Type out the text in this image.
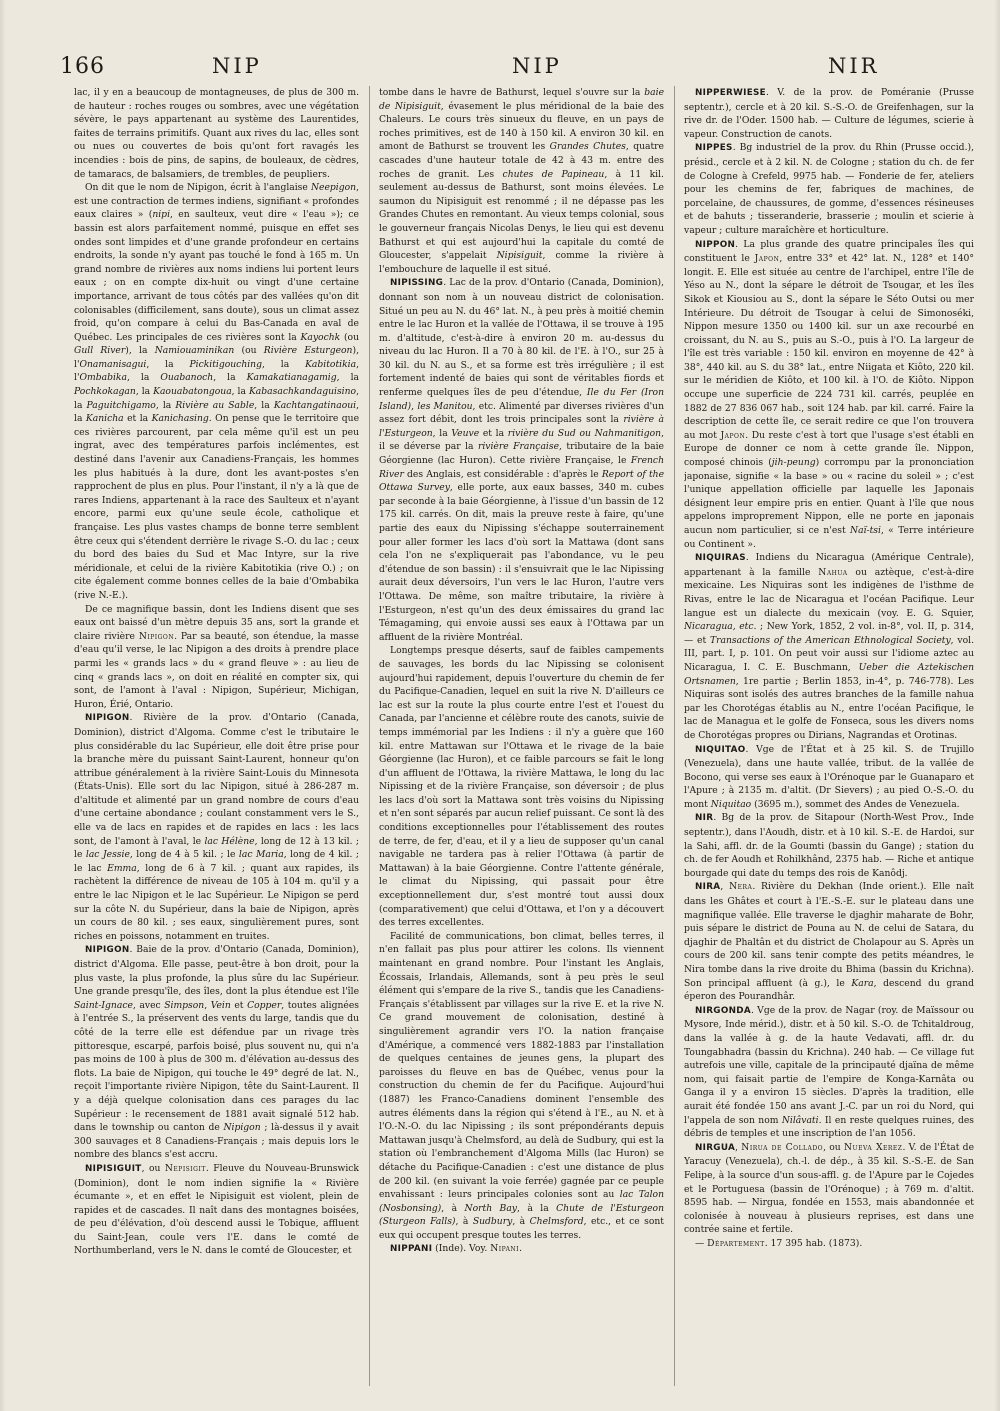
166	NIP	NIP	NIR

lac, il y en a beaucoup de montagneuses, de plus de 300 m. de hauteur : roches rouges ou sombres, avec une végétation sévère, le pays appartenant au système des Laurentides, faites de terrains primitifs. Quant aux rives du lac, elles sont ou nues ou couvertes de bois qu'ont fort ravagés les incendies : bois de pins, de sapins, de bouleaux, de cèdres, de tamaracs, de balsamiers, de trembles, de peupliers.

On dit que le nom de Nipigon, écrit à l'anglaise Neepigon, est une contraction de termes indiens, signifiant « profondes eaux claires » (nipi, en saulteux, veut dire « l'eau »); ce bassin est alors parfaitement nommé, puisque en effet ses ondes sont limpides et d'une grande profondeur en certains endroits, la sonde n'y ayant pas touché le fond à 165 m. Un grand nombre de rivières aux noms indiens lui portent leurs eaux ; on en compte dix-huit ou vingt d'une certaine importance, arrivant de tous côtés par des vallées qu'on dit colonisables (difficilement, sans doute), sous un climat assez froid, qu'on compare à celui du Bas-Canada en aval de Québec. Les principales de ces rivières sont la Kayochk (ou Gull River), la Namiouaminikan (ou Rivière Esturgeon), l'Onamanisagui, la Pickitigouching, la Kabitotikia, l'Ombabika, la Ouabanoch, la Kamakatianagamig, la Pochkokagan, la Kaouabatongoua, la Kabasachkandaguisino, la Paguitchigamo, la Rivière au Sable, la Kachtangatinaoui, la Kanicha et la Kanichasing. On pense que le territoire que ces rivières parcourent, par cela même qu'il est un peu ingrat, avec des températures parfois inclémentes, est destiné dans l'avenir aux Canadiens-Français, les hommes les plus habitués à la dure, dont les avant-postes s'en rapprochent de plus en plus. Pour l'instant, il n'y a là que de rares Indiens, appartenant à la race des Saulteux et n'ayant encore, parmi eux qu'une seule école, catholique et française. Les plus vastes champs de bonne terre semblent être ceux qui s'étendent derrière le rivage S.-O. du lac ; ceux du bord des baies du Sud et Mac Intyre, sur la rive méridionale, et celui de la rivière Kabitotikia (rive O.) ; on cite également comme bonnes celles de la baie d'Ombabika (rive N.-E.).

De ce magnifique bassin, dont les Indiens disent que ses eaux ont baissé d'un mètre depuis 35 ans, sort la grande et claire rivière Nipigon. Par sa beauté, son étendue, la masse d'eau qu'il verse, le lac Nipigon a des droits à prendre place parmi les « grands lacs » du « grand fleuve » : au lieu de cinq « grands lacs », on doit en réalité en compter six, qui sont, de l'amont à l'aval : Nipigon, Supérieur, Michigan, Huron, Érié, Ontario.

NIPIGON. Rivière de la prov. d'Ontario (Canada, Dominion), district d'Algoma. Comme c'est le tributaire le plus considérable du lac Supérieur, elle doit être prise pour la branche mère du puissant Saint-Laurent, honneur qu'on attribue généralement à la rivière Saint-Louis du Minnesota (États-Unis). Elle sort du lac Nipigon, situé à 286-287 m. d'altitude et alimenté par un grand nombre de cours d'eau d'une certaine abondance ; coulant constamment vers le S., elle va de lacs en rapides et de rapides en lacs : les lacs sont, de l'amont à l'aval, le lac Hélène, long de 12 à 13 kil. ; le lac Jessie, long de 4 à 5 kil. ; le lac Maria, long de 4 kil. ; le lac Emma, long de 6 à 7 kil. ; quant aux rapides, ils rachètent la différence de niveau de 105 à 104 m. qu'il y a entre le lac Nipigon et le lac Supérieur. Le Nipigon se perd sur la côte N. du Supérieur, dans la baie de Nipigon, après un cours de 80 kil. ; ses eaux, singulièrement pures, sont riches en poissons, notamment en truites.

NIPIGON. Baie de la prov. d'Ontario (Canada, Dominion), district d'Algoma. Elle passe, peut-être à bon droit, pour la plus vaste, la plus profonde, la plus sûre du lac Supérieur. Une grande presqu'île, des îles, dont la plus étendue est l'île Saint-Ignace, avec Simpson, Vein et Copper, toutes alignées à l'entrée S., la préservent des vents du large, tandis que du côté de la terre elle est défendue par un rivage très pittoresque, escarpé, parfois boisé, plus souvent nu, qui n'a pas moins de 100 à plus de 300 m. d'élévation au-dessus des flots. La baie de Nipigon, qui touche le 49° degré de lat. N., reçoit l'importante rivière Nipigon, tête du Saint-Laurent. Il y a déjà quelque colonisation dans ces parages du lac Supérieur : le recensement de 1881 avait signalé 512 hab. dans le township ou canton de Nipigon ; là-dessus il y avait 300 sauvages et 8 Canadiens-Français ; mais depuis lors le nombre des blancs s'est accru.

NIPISIGUIT, ou Nepisigit. Fleuve du Nouveau-Brunswick (Dominion), dont le nom indien signifie la « Rivière écumante », et en effet le Nipisiguit est violent, plein de rapides et de cascades. Il naît dans des montagnes boisées, de peu d'élévation, d'où descend aussi le Tobique, affluent du Saint-Jean, coule vers l'E. dans le comté de Northumberland, vers le N. dans le comté de Gloucester, et

tombe dans le havre de Bathurst, lequel s'ouvre sur la baie de Nipisiguit, évasement le plus méridional de la baie des Chaleurs. Le cours très sinueux du fleuve, en un pays de roches primitives, est de 140 à 150 kil. A environ 30 kil. en amont de Bathurst se trouvent les Grandes Chutes, quatre cascades d'une hauteur totale de 42 à 43 m. entre des roches de granit. Les chutes de Papineau, à 11 kil. seulement au-dessus de Bathurst, sont moins élevées. Le saumon du Nipisiguit est renommé ; il ne dépasse pas les Grandes Chutes en remontant. Au vieux temps colonial, sous le gouverneur français Nicolas Denys, le lieu qui est devenu Bathurst et qui est aujourd'hui la capitale du comté de Gloucester, s'appelait Nipisiguit, comme la rivière à l'embouchure de laquelle il est situé.

NIPISSING. Lac de la prov. d'Ontario (Canada, Dominion), donnant son nom à un nouveau district de colonisation. Situé un peu au N. du 46° lat. N., à peu près à moitié chemin entre le lac Huron et la vallée de l'Ottawa, il se trouve à 195 m. d'altitude, c'est-à-dire à environ 20 m. au-dessus du niveau du lac Huron. Il a 70 à 80 kil. de l'E. à l'O., sur 25 à 30 kil. du N. au S., et sa forme est très irrégulière ; il est fortement indenté de baies qui sont de véritables fiords et renferme quelques îles de peu d'étendue, Ile du Fer (Iron Island), les Manitou, etc. Alimenté par diverses rivières d'un assez fort débit, dont les trois principales sont la rivière à l'Esturgeon, la Veuve et la rivière du Sud ou Nahmanitigon, il se déverse par la rivière Française, tributaire de la baie Géorgienne (lac Huron). Cette rivière Française, le French River des Anglais, est considérable : d'après le Report of the Ottawa Survey, elle porte, aux eaux basses, 340 m. cubes par seconde à la baie Géorgienne, à l'issue d'un bassin de 12 175 kil. carrés. On dit, mais la preuve reste à faire, qu'une partie des eaux du Nipissing s'échappe souterrainement pour aller former les lacs d'où sort la Mattawa (dont sans cela l'on ne s'expliquerait pas l'abondance, vu le peu d'étendue de son bassin) : il s'ensuivrait que le lac Nipissing aurait deux déversoirs, l'un vers le lac Huron, l'autre vers l'Ottawa. De même, son maître tributaire, la rivière à l'Esturgeon, n'est qu'un des deux émissaires du grand lac Témagaming, qui envoie aussi ses eaux à l'Ottawa par un affluent de la rivière Montréal.

Longtemps presque déserts, sauf de faibles campements de sauvages, les bords du lac Nipissing se colonisent aujourd'hui rapidement, depuis l'ouverture du chemin de fer du Pacifique-Canadien, lequel en suit la rive N. D'ailleurs ce lac est sur la route la plus courte entre l'est et l'ouest du Canada, par l'ancienne et célèbre route des canots, suivie de temps immémorial par les Indiens : il n'y a guère que 160 kil. entre Mattawan sur l'Ottawa et le rivage de la baie Géorgienne (lac Huron), et ce faible parcours se fait le long d'un affluent de l'Ottawa, la rivière Mattawa, le long du lac Nipissing et de la rivière Française, son déversoir ; de plus les lacs d'où sort la Mattawa sont très voisins du Nipissing et n'en sont séparés par aucun relief puissant. Ce sont là des conditions exceptionnelles pour l'établissement des routes de terre, de fer, d'eau, et il y a lieu de supposer qu'un canal navigable ne tardera pas à relier l'Ottawa (à partir de Mattawan) à la baie Géorgienne. Contre l'attente générale, le climat du Nipissing, qui passait pour être exceptionnellement dur, s'est montré tout aussi doux (comparativement) que celui d'Ottawa, et l'on y a découvert des terres excellentes.

Facilité de communications, bon climat, belles terres, il n'en fallait pas plus pour attirer les colons. Ils viennent maintenant en grand nombre. Pour l'instant les Anglais, Écossais, Irlandais, Allemands, sont à peu près le seul élément qui s'empare de la rive S., tandis que les Canadiens-Français s'établissent par villages sur la rive E. et la rive N. Ce grand mouvement de colonisation, destiné à singulièrement agrandir vers l'O. la nation française d'Amérique, a commencé vers 1882-1883 par l'installation de quelques centaines de jeunes gens, la plupart des paroisses du fleuve en bas de Québec, venus pour la construction du chemin de fer du Pacifique. Aujourd'hui (1887) les Franco-Canadiens dominent l'ensemble des autres éléments dans la région qui s'étend à l'E., au N. et à l'O.-N.-O. du lac Nipissing ; ils sont prépondérants depuis Mattawan jusqu'à Chelmsford, au delà de Sudbury, qui est la station où l'embranchement d'Algoma Mills (lac Huron) se détache du Pacifique-Canadien : c'est une distance de plus de 200 kil. (en suivant la voie ferrée) gagnée par ce peuple envahissant : leurs principales colonies sont au lac Talon (Nosbonsing), à North Bay, à la Chute de l'Esturgeon (Sturgeon Falls), à Sudbury, à Chelmsford, etc., et ce sont eux qui occupent presque toutes les terres.

NIPPANI (Inde). Voy. Nipani.

NIPPERWIESE. V. de la prov. de Poméranie (Prusse septentr.), cercle et à 20 kil. S.-S.-O. de Greifenhagen, sur la rive dr. de l'Oder. 1500 hab. — Culture de légumes, scierie à vapeur. Construction de canots.

NIPPES. Bg industriel de la prov. du Rhin (Prusse occid.), présid., cercle et à 2 kil. N. de Cologne ; station du ch. de fer de Cologne à Crefeld, 9975 hab. — Fonderie de fer, ateliers pour les chemins de fer, fabriques de machines, de porcelaine, de chaussures, de gomme, d'essences résineuses et de bahuts ; tisseranderie, brasserie ; moulin et scierie à vapeur ; culture maraîchère et horticulture.

NIPPON. La plus grande des quatre principales îles qui constituent le Japon, entre 33° et 42° lat. N., 128° et 140° longit. E. Elle est située au centre de l'archipel, entre l'île de Yéso au N., dont la sépare le détroit de Tsougar, et les îles Sikok et Kiousiou au S., dont la sépare le Séto Outsi ou mer Intérieure. Du détroit de Tsougar à celui de Simonoséki, Nippon mesure 1350 ou 1400 kil. sur un axe recourbé en croissant, du N. au S., puis au S.-O., puis à l'O. La largeur de l'île est très variable : 150 kil. environ en moyenne de 42° à 38°, 440 kil. au S. du 38° lat., entre Niigata et Kiôto, 220 kil. sur le méridien de Kiôto, et 100 kil. à l'O. de Kiôto. Nippon occupe une superficie de 224 731 kil. carrés, peuplée en 1882 de 27 836 067 hab., soit 124 hab. par kil. carré. Faire la description de cette île, ce serait redire ce que l'on trouvera au mot Japon. Du reste c'est à tort que l'usage s'est établi en Europe de donner ce nom à cette grande île. Nippon, composé chinois (jih-peung) corrompu par la prononciation japonaise, signifie « la base » ou « racine du soleil » ; c'est l'unique appellation officielle par laquelle les Japonais désignent leur empire pris en entier. Quant à l'île que nous appelons improprement Nippon, elle ne porte en japonais aucun nom particulier, si ce n'est Naï-tsi, « Terre intérieure ou Continent ».

NIQUIRAS. Indiens du Nicaragua (Amérique Centrale), appartenant à la famille Nahua ou aztèque, c'est-à-dire mexicaine. Les Niquiras sont les indigènes de l'isthme de Rivas, entre le lac de Nicaragua et l'océan Pacifique. Leur langue est un dialecte du mexicain (voy. E. G. Squier, Nicaragua, etc. ; New York, 1852, 2 vol. in-8°, vol. II, p. 314, — et Transactions of the American Ethnological Society, vol. III, part. I, p. 101. On peut voir aussi sur l'idiome aztec au Nicaragua, I. C. E. Buschmann, Ueber die Aztekischen Ortsnamen, 1re partie ; Berlin 1853, in-4°, p. 746-778). Les Niquiras sont isolés des autres branches de la famille nahua par les Chorotégas établis au N., entre l'océan Pacifique, le lac de Managua et le golfe de Fonseca, sous les divers noms de Chorotégas propres ou Dirians, Nagrandas et Orotinas.

NIQUITAO. Vge de l'État et à 25 kil. S. de Trujillo (Venezuela), dans une haute vallée, tribut. de la vallée de Bocono, qui verse ses eaux à l'Orénoque par le Guanaparo et l'Apure ; à 2135 m. d'altit. (Dr Sievers) ; au pied O.-S.-O. du mont Niquitao (3695 m.), sommet des Andes de Venezuela.

NIR. Bg de la prov. de Sitapour (North-West Prov., Inde septentr.), dans l'Aoudh, distr. et à 10 kil. S.-E. de Hardoi, sur la Sahi, affl. dr. de la Goumti (bassin du Gange) ; station du ch. de fer Aoudh et Rohilkhând, 2375 hab. — Riche et antique bourgade qui date du temps des rois de Kanôdj.

NIRA, Nera. Rivière du Dekhan (Inde orient.). Elle naît dans les Ghâtes et court à l'E.-S.-E. sur le plateau dans une magnifique vallée. Elle traverse le djaghir maharate de Bohr, puis sépare le district de Pouna au N. de celui de Satara, du djaghir de Phaltân et du district de Cholapour au S. Après un cours de 200 kil. sans tenir compte des petits méandres, le Nira tombe dans la rive droite du Bhima (bassin du Krichna). Son principal affluent (à g.), le Kara, descend du grand éperon des Pourandhâr.

NIRGONDA. Vge de la prov. de Nagar (roy. de Maïssour ou Mysore, Inde mérid.), distr. et à 50 kil. S.-O. de Tchitaldroug, dans la vallée à g. de la haute Vedavati, affl. dr. du Toungabhadra (bassin du Krichna). 240 hab. — Ce village fut autrefois une ville, capitale de la principauté djaïna de même nom, qui faisait partie de l'empire de Konga-Karnâta ou Ganga il y a environ 15 siècles. D'après la tradition, elle aurait été fondée 150 ans avant J.-C. par un roi du Nord, qui l'appela de son nom Nilâvati. Il en reste quelques ruines, des débris de temples et une inscription de l'an 1056.

NIRGUA, Nirua de Collado, ou Nueva Xerez. V. de l'État de Yaracuy (Venezuela), ch.-l. de dép., à 35 kil. S.-S.-E. de San Felipe, à la source d'un sous-affl. g. de l'Apure par le Cojedes et le Portuguesa (bassin de l'Orénoque) ; à 769 m. d'altit. 8595 hab. — Nirgua, fondée en 1553, mais abandonnée et colonisée à nouveau à plusieurs reprises, est dans une contrée saine et fertile.

— Département. 17 395 hab. (1873).
